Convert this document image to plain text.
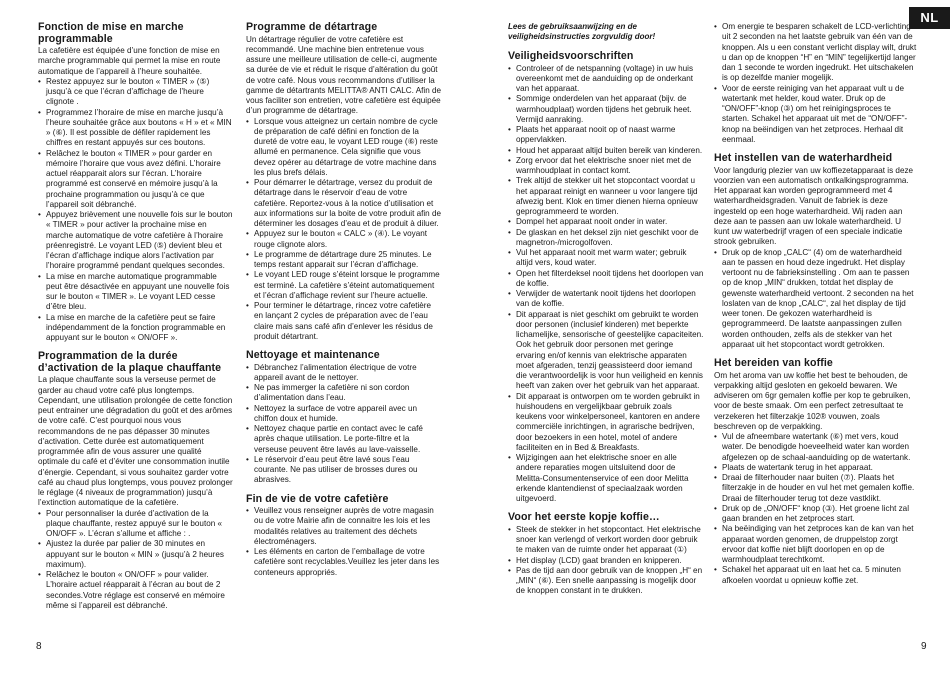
NL
Fonction de mise en marche programmable

La cafetière est équipée d’une fonction de mise en marche programmable qui permet la mise en route automatique de l’appareil à l’heure souhaitée.

• Restez appuyez sur le bouton « TIMER » (⑤) jusqu’à ce que l’écran d’affichage de l’heure clignote .
• Programmez l’horaire de mise en marche jusqu’à l’heure souhaitée grâce aux boutons « H » et « MIN » (⑥). Il est possible de défiler rapidement les chiffres en restant appuyés sur ces boutons.
• Relâchez le bouton « TIMER » pour garder en mémoire l’horaire que vous avez défini. L’horaire actuel réapparait alors sur l’écran. L’horaire programmé est conservé en mémoire jusqu’à la prochaine programmation ou jusqu’à ce que l’appareil soit débranché.
• Appuyez brièvement une nouvelle fois sur le bouton « TIMER » pour activer la prochaine mise en marche automatique de votre cafetière à l’horaire préenregistré. Le voyant LED (⑤) devient bleu et l’écran d’affichage indique alors l’activation par l’horaire programmé pendant quelques secondes.
• La mise en marche automatique programmable peut être désactivée en appuyant une nouvelle fois sur le bouton « TIMER ». Le voyant LED cesse d’être bleu.
• La mise en marche de la cafetière peut se faire indépendamment de la fonction programmable en appuyant sur le bouton « ON/OFF ».
Programmation de la durée d’activation de la plaque chauffante

La plaque chauffante sous la verseuse permet de garder au chaud votre café plus longtemps. Cependant, une utilisation prolongée de cette fonction peut entrainer une dégradation du goût et des arômes de votre café. C’est pourquoi nous vous recommandons de ne pas dépasser 30 minutes d’activation. Cette durée est automatiquement programmée afin de vous assurer une qualité optimale du café et d’éviter une consommation inutile d’énergie. Cependant, si vous souhaitez garder votre café au chaud plus longtemps, vous pouvez prolonger le réglage (4 niveaux de programmation) jusqu’à l’extinction automatique de la cafetière.

• Pour personnaliser la durée d’activation de la plaque chauffante, restez appuyé sur le bouton « ON/OFF ». L’écran s’allume et affiche : .
• Ajustez la durée par palier de 30 minutes en appuyant sur le bouton « MIN » (jusqu’à 2 heures maximum).
• Relâchez le bouton « ON/OFF » pour valider. L’horaire actuel réapparait à l’écran au bout de 2 secondes.Votre réglage est conservé en mémoire même si l’appareil est débranché.
Programme de détartrage

Un détartrage régulier de votre cafetière est recommandé. Une machine bien entretenue vous assure une meilleure utilisation de celle-ci, augmente sa durée de vie et réduit le risque d’altération du goût de votre café. Nous vous recommandons d’utiliser la gamme de détartrants MELITTA® ANTI CALC. Afin de vous faciliter son entretien, votre cafetière est équipée d’un programme de détartrage.

• Lorsque vous atteignez un certain nombre de cycle de préparation de café défini en fonction de la dureté de votre eau, le voyant LED rouge (⑥) reste allumé en permanence. Cela signifie que vous devez opérer au détartrage de votre machine dans les plus brefs délais.
• Pour démarrer le détartrage, versez du produit de détartrage dans le réservoir d’eau de votre cafetière. Reportez-vous à la notice d’utilisation et aux informations sur la boite de votre produit afin de déterminer les dosages d’eau et de produit à diluer.
• Appuyez sur le bouton « CALC » (④). Le voyant rouge clignote alors.
• Le programme de détartrage dure 25 minutes. Le temps restant apparait sur l’écran d’affichage.
• Le voyant LED rouge s’éteint lorsque le programme est terminé. La cafetière s’éteint automatiquement et l’écran d’affichage revient sur l’heure actuelle.
• Pour terminer le détartrage, rincez votre cafetière en lançant 2 cycles de préparation avec de l’eau claire mais sans café afin d’enlever les résidus de produit détartrant.
Nettoyage et maintenance
• Débranchez l’alimentation électrique de votre appareil avant de le nettoyer.
• Ne pas immerger la cafetière ni son cordon d’alimentation dans l’eau.
• Nettoyez la surface de votre appareil avec un chiffon doux et humide.
• Nettoyez chaque partie en contact avec le café après chaque utilisation. Le porte-filtre et la verseuse peuvent être lavés au lave-vaisselle.
• Le réservoir d’eau peut être lavé sous l’eau courante. Ne pas utiliser de brosses dures ou abrasives.
Fin de vie de votre cafetière
• Veuillez vous renseigner auprès de votre magasin ou de votre Mairie afin de connaitre les lois et les modalités relatives au traitement des déchets électroménagers.
• Les éléments en carton de l’emballage de votre cafetière sont recyclables.Veuillez les jeter dans les conteneurs appropriés.

Lees de gebruiksaanwijzing en de veiligheidsinstructies zorgvuldig door!

Veiligheidsvoorschriften
• Controleer of de netspanning (voltage) in uw huis overeenkomt met de aanduiding op de onderkant van het apparaat.
• Sommige onderdelen van het apparaat (bijv. de warmhoudplaat) worden tijdens het gebruik heet. Vermijd aanraking.
• Plaats het apparaat nooit op of naast warme oppervlakken.
• Houd het apparaat altijd buiten bereik van kinderen.
• Zorg ervoor dat het elektrische snoer niet met de warmhoudplaat in contact komt.
• Trek altijd de stekker uit het stopcontact voordat u het apparaat reinigt en wanneer u voor langere tijd afwezig bent. Klok en timer dienen hierna opnieuw geprogrammeerd te worden.
• Dompel het apparaat nooit onder in water.
• De glaskan en het deksel zijn niet geschikt voor de magnetron-/microgolfoven.
• Vul het apparaat nooit met warm water; gebruik altijd vers, koud water.
• Open het filterdeksel nooit tijdens het doorlopen van de koffie.
• Verwijder de watertank nooit tijdens het doorlopen van de koffie.
• Dit apparaat is niet geschikt om gebruikt te worden door personen (inclusief kinderen) met beperkte lichamelijke, sensorische of geestelijke capaciteiten. Ook het gebruik door personen met geringe ervaring en/of kennis van elektrische apparaten moet afgeraden, tenzij geassisteerd door iemand die verantwoordelijk is voor hun veiligheid en kennis heeft van zaken over het gebruik van het apparaat.
• Dit apparaat is ontworpen om te worden gebruikt in huishoudens en vergelijkbaar gebruik zoals keukens voor winkelpersoneel, kantoren en andere commerciële inrichtingen, in agrarische bedrijven, door bezoekers in een hotel, motel of andere faciliteiten en in Bed & Breakfasts.
• Wijzigingen aan het elektrische snoer en alle andere reparaties mogen uitsluitend door de Melitta-Consumentenservice of een door Melitta erkende klantendienst of speciaalzaak worden uitgevoerd.
Voor het eerste kopje koffie…
• Steek de stekker in het stopcontact. Het elektrische snoer kan verlengd of verkort worden door gebruik te maken van de ruimte onder het apparaat (①)
• Het display (LCD) gaat branden en knipperen.
• Pas de tijd aan door gebruik van de knoppen „H“ en „MIN“ (⑥). Een snelle aanpassing is mogelijk door de knoppen constant in te drukken.
• Om energie te besparen schakelt de LCD-verlichting uit 2 seconden na het laatste gebruik van één van de knoppen. Als u een constant verlicht display wilt, drukt u dan op de knoppen “H” en “MIN” tegelijkertijd langer dan 1 seconde te worden ingedrukt. Het uitschakelen is op dezelfde manier mogelijk.
• Voor de eerste reiniging van het apparaat vult u de watertank met helder, koud water. Druk op de “ON/OFF”-knop (③) om het reinigingsproces te starten. Schakel het apparaat uit met de “ON/OFF”-knop na beëindigen van het zetproces. Herhaal dit eenmaal.
Het instellen van de waterhardheid

Voor langdurig plezier van uw koffiezetapparaat is deze voorzien van een automatisch ontkalkingsprogramma. Het apparaat kan worden geprogrammeerd met 4 waterhardheidsgraden. Vanuit de fabriek is deze ingesteld op een hoge waterhardheid. Wij raden aan deze aan te passen aan uw lokale waterhardheid. U kunt uw waterbedrijf vragen of een speciale indicatie strook gebruiken.

• Druk op de knop „CALC“ (4) om de waterhardheid aan te passen en houd deze ingedrukt. Het display vertoont nu de fabrieksinstelling . Om aan te passen op de knop „MIN“ drukken, totdat het display de gewenste waterhardheid vertoont. 2 seconden na het loslaten van de knop „CALC“, zal het display de tijd weer tonen. De gekozen waterhardheid is geprogrammeerd. De laatste aanpassingen zullen worden onthouden, zelfs als de stekker van het apparaat uit het stopcontact wordt getrokken.
Het bereiden van koffie

Om het aroma van uw koffie het best te behouden, de verpakking altijd gesloten en gekoeld bewaren. We adviseren om 6gr gemalen koffie per kop te gebruiken, voor de beste smaak. Om een perfect zetresultaat te verzekeren het filterzakje 102® vouwen, zoals beschreven op de verpakking.

• Vul de afneembare watertank (⑥) met vers, koud water. De benodigde hoeveelheid water kan worden afgelezen op de schaal-aanduiding op de watertank.
• Plaats de watertank terug in het apparaat.
• Draai de filterhouder naar buiten (⑦). Plaats het filterzakje in de houder en vul het met gemalen koffie. Draai de filterhouder terug tot deze vastklikt.
• Druk op de „ON/OFF“ knop (③). Het groene licht zal gaan branden en het zetproces start.
• Na beëindiging van het zetproces kan de kan van het apparaat worden genomen, de druppelstop zorgt ervoor dat koffie niet blijft doorlopen en op de warmhoudplaat terechtkomt.
• Schakel het apparaat uit en laat het ca. 5 minuten afkoelen voordat u opnieuw koffie zet.
8	9
